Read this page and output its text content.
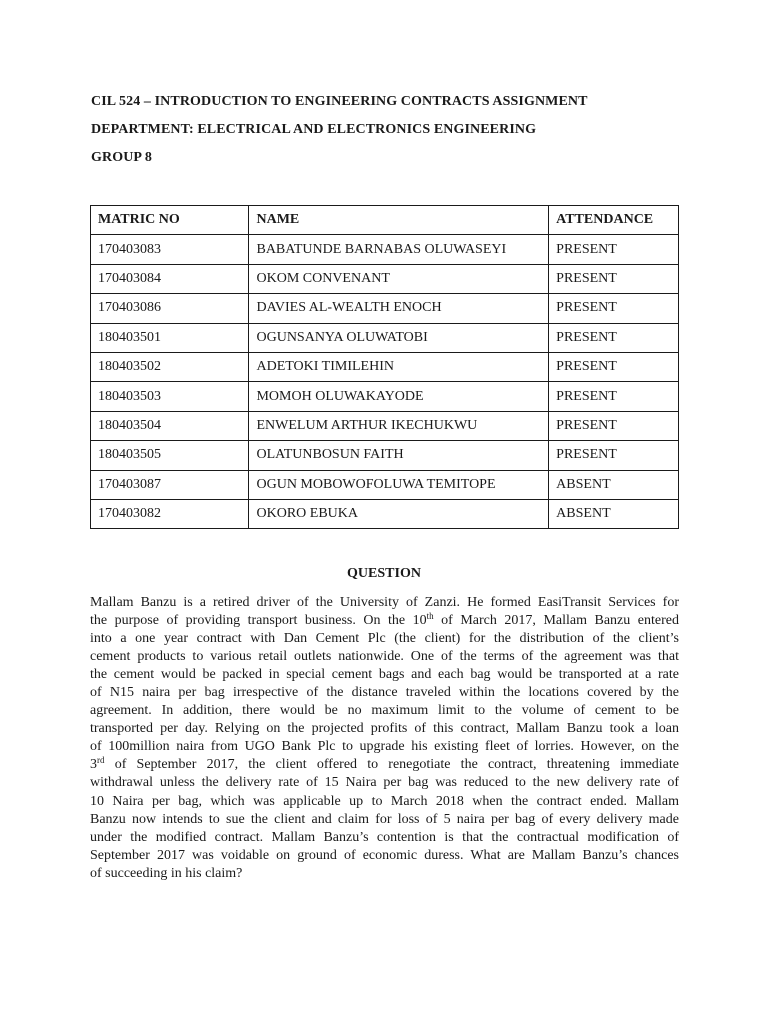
CIL 524 – INTRODUCTION TO ENGINEERING CONTRACTS ASSIGNMENT
DEPARTMENT: ELECTRICAL AND ELECTRONICS ENGINEERING
GROUP 8
MATRIC NO	NAME	ATTENDANCE
170403083	BABATUNDE BARNABAS OLUWASEYI	PRESENT
170403084	OKOM CONVENANT	PRESENT
170403086	DAVIES AL-WEALTH ENOCH	PRESENT
180403501	OGUNSANYA OLUWATOBI	PRESENT
180403502	ADETOKI TIMILEHIN	PRESENT
180403503	MOMOH OLUWAKAYODE	PRESENT
180403504	ENWELUM ARTHUR IKECHUKWU	PRESENT
180403505	OLATUNBOSUN FAITH	PRESENT
170403087	OGUN MOBOWOFOLUWA TEMITOPE	ABSENT
170403082	OKORO EBUKA	ABSENT
QUESTION
Mallam Banzu is a retired driver of the University of Zanzi. He formed EasiTransit Services for
the purpose of providing transport business. On the 10th of March 2017, Mallam Banzu entered
into a one year contract with Dan Cement Plc (the client) for the distribution of the client’s
cement products to various retail outlets nationwide. One of the terms of the agreement was that
the cement would be packed in special cement bags and each bag would be transported at a rate
of N15 naira per bag irrespective of the distance traveled within the locations covered by the
agreement. In addition, there would be no maximum limit to the volume of cement to be
transported per day. Relying on the projected profits of this contract, Mallam Banzu took a loan
of 100million naira from UGO Bank Plc to upgrade his existing fleet of lorries. However, on the
3rd of September 2017, the client offered to renegotiate the contract, threatening immediate
withdrawal unless the delivery rate of 15 Naira per bag was reduced to the new delivery rate of
10 Naira per bag, which was applicable up to March 2018 when the contract ended. Mallam
Banzu now intends to sue the client and claim for loss of 5 naira per bag of every delivery made
under the modified contract. Mallam Banzu’s contention is that the contractual modification of
September 2017 was voidable on ground of economic duress. What are Mallam Banzu’s chances
of succeeding in his claim?
